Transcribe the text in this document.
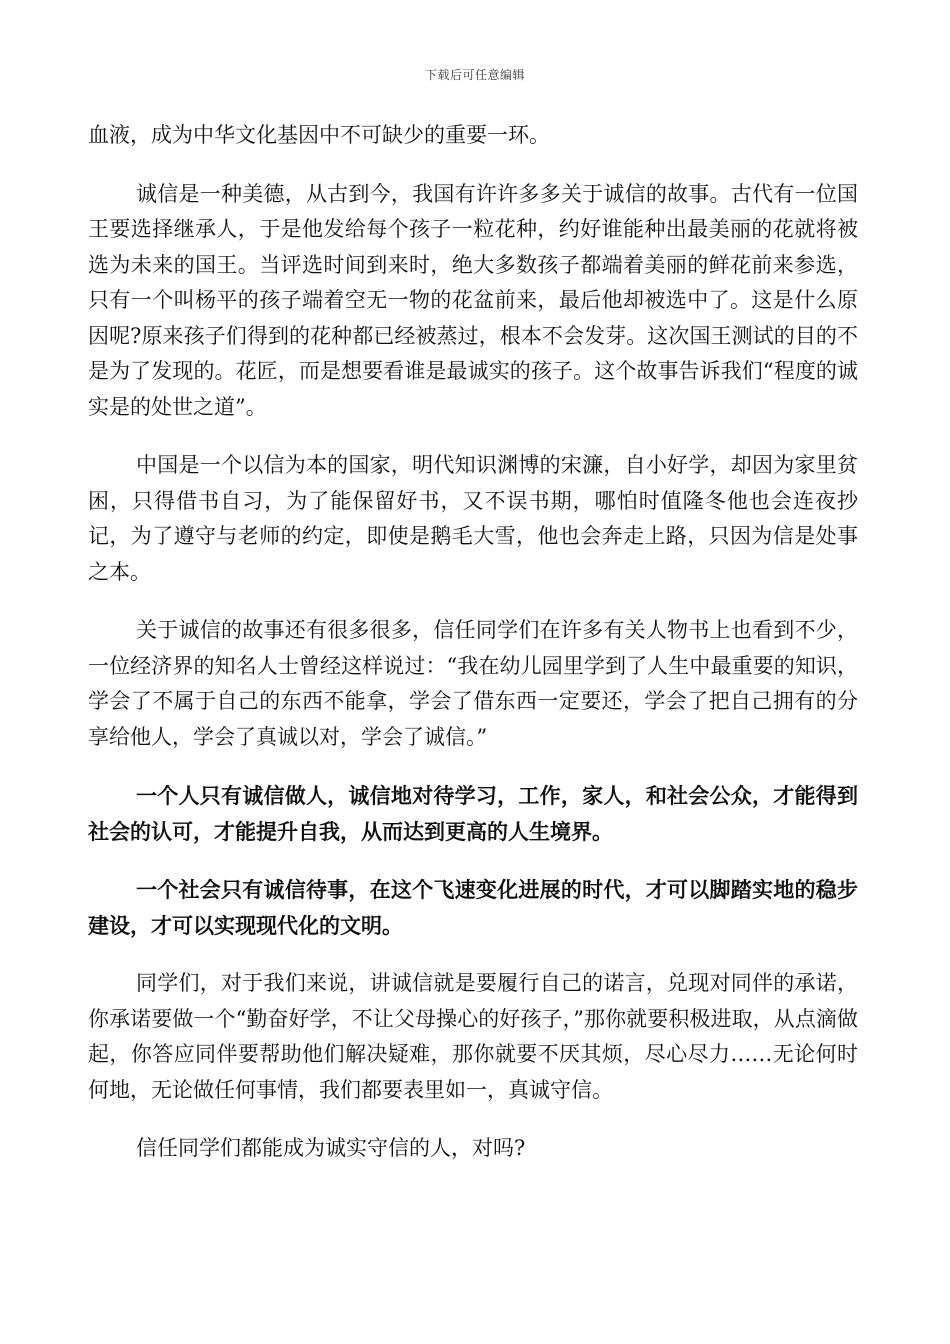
下载后可任意编辑

血液，成为中华文化基因中不可缺少的重要一环。

诚信是一种美德，从古到今，我国有许许多多关于诚信的故事。古代有一位国王要选择继承人，于是他发给每个孩子一粒花种，约好谁能种出最美丽的花就将被选为未来的国王。当评选时间到来时，绝大多数孩子都端着美丽的鲜花前来参选，只有一个叫杨平的孩子端着空无一物的花盆前来，最后他却被选中了。这是什么原因呢?原来孩子们得到的花种都已经被蒸过，根本不会发芽。这次国王测试的目的不是为了发现的。花匠，而是想要看谁是最诚实的孩子。这个故事告诉我们“程度的诚实是的处世之道”。

中国是一个以信为本的国家，明代知识渊博的宋濂，自小好学，却因为家里贫困，只得借书自习，为了能保留好书，又不误书期，哪怕时值隆冬他也会连夜抄记，为了遵守与老师的约定，即使是鹅毛大雪，他也会奔走上路，只因为信是处事之本。

关于诚信的故事还有很多很多，信任同学们在许多有关人物书上也看到不少，一位经济界的知名人士曾经这样说过：“我在幼儿园里学到了人生中最重要的知识，学会了不属于自己的东西不能拿，学会了借东西一定要还，学会了把自己拥有的分享给他人，学会了真诚以对，学会了诚信。”

一个人只有诚信做人，诚信地对待学习，工作，家人，和社会公众，才能得到社会的认可，才能提升自我，从而达到更高的人生境界。

一个社会只有诚信待事，在这个飞速变化进展的时代，才可以脚踏实地的稳步建设，才可以实现现代化的文明。

同学们，对于我们来说，讲诚信就是要履行自己的诺言，兑现对同伴的承诺，你承诺要做一个“勤奋好学，不让父母操心的好孩子，”那你就要积极进取，从点滴做起，你答应同伴要帮助他们解决疑难，那你就要不厌其烦，尽心尽力……无论何时何地，无论做任何事情，我们都要表里如一，真诚守信。

信任同学们都能成为诚实守信的人，对吗?
